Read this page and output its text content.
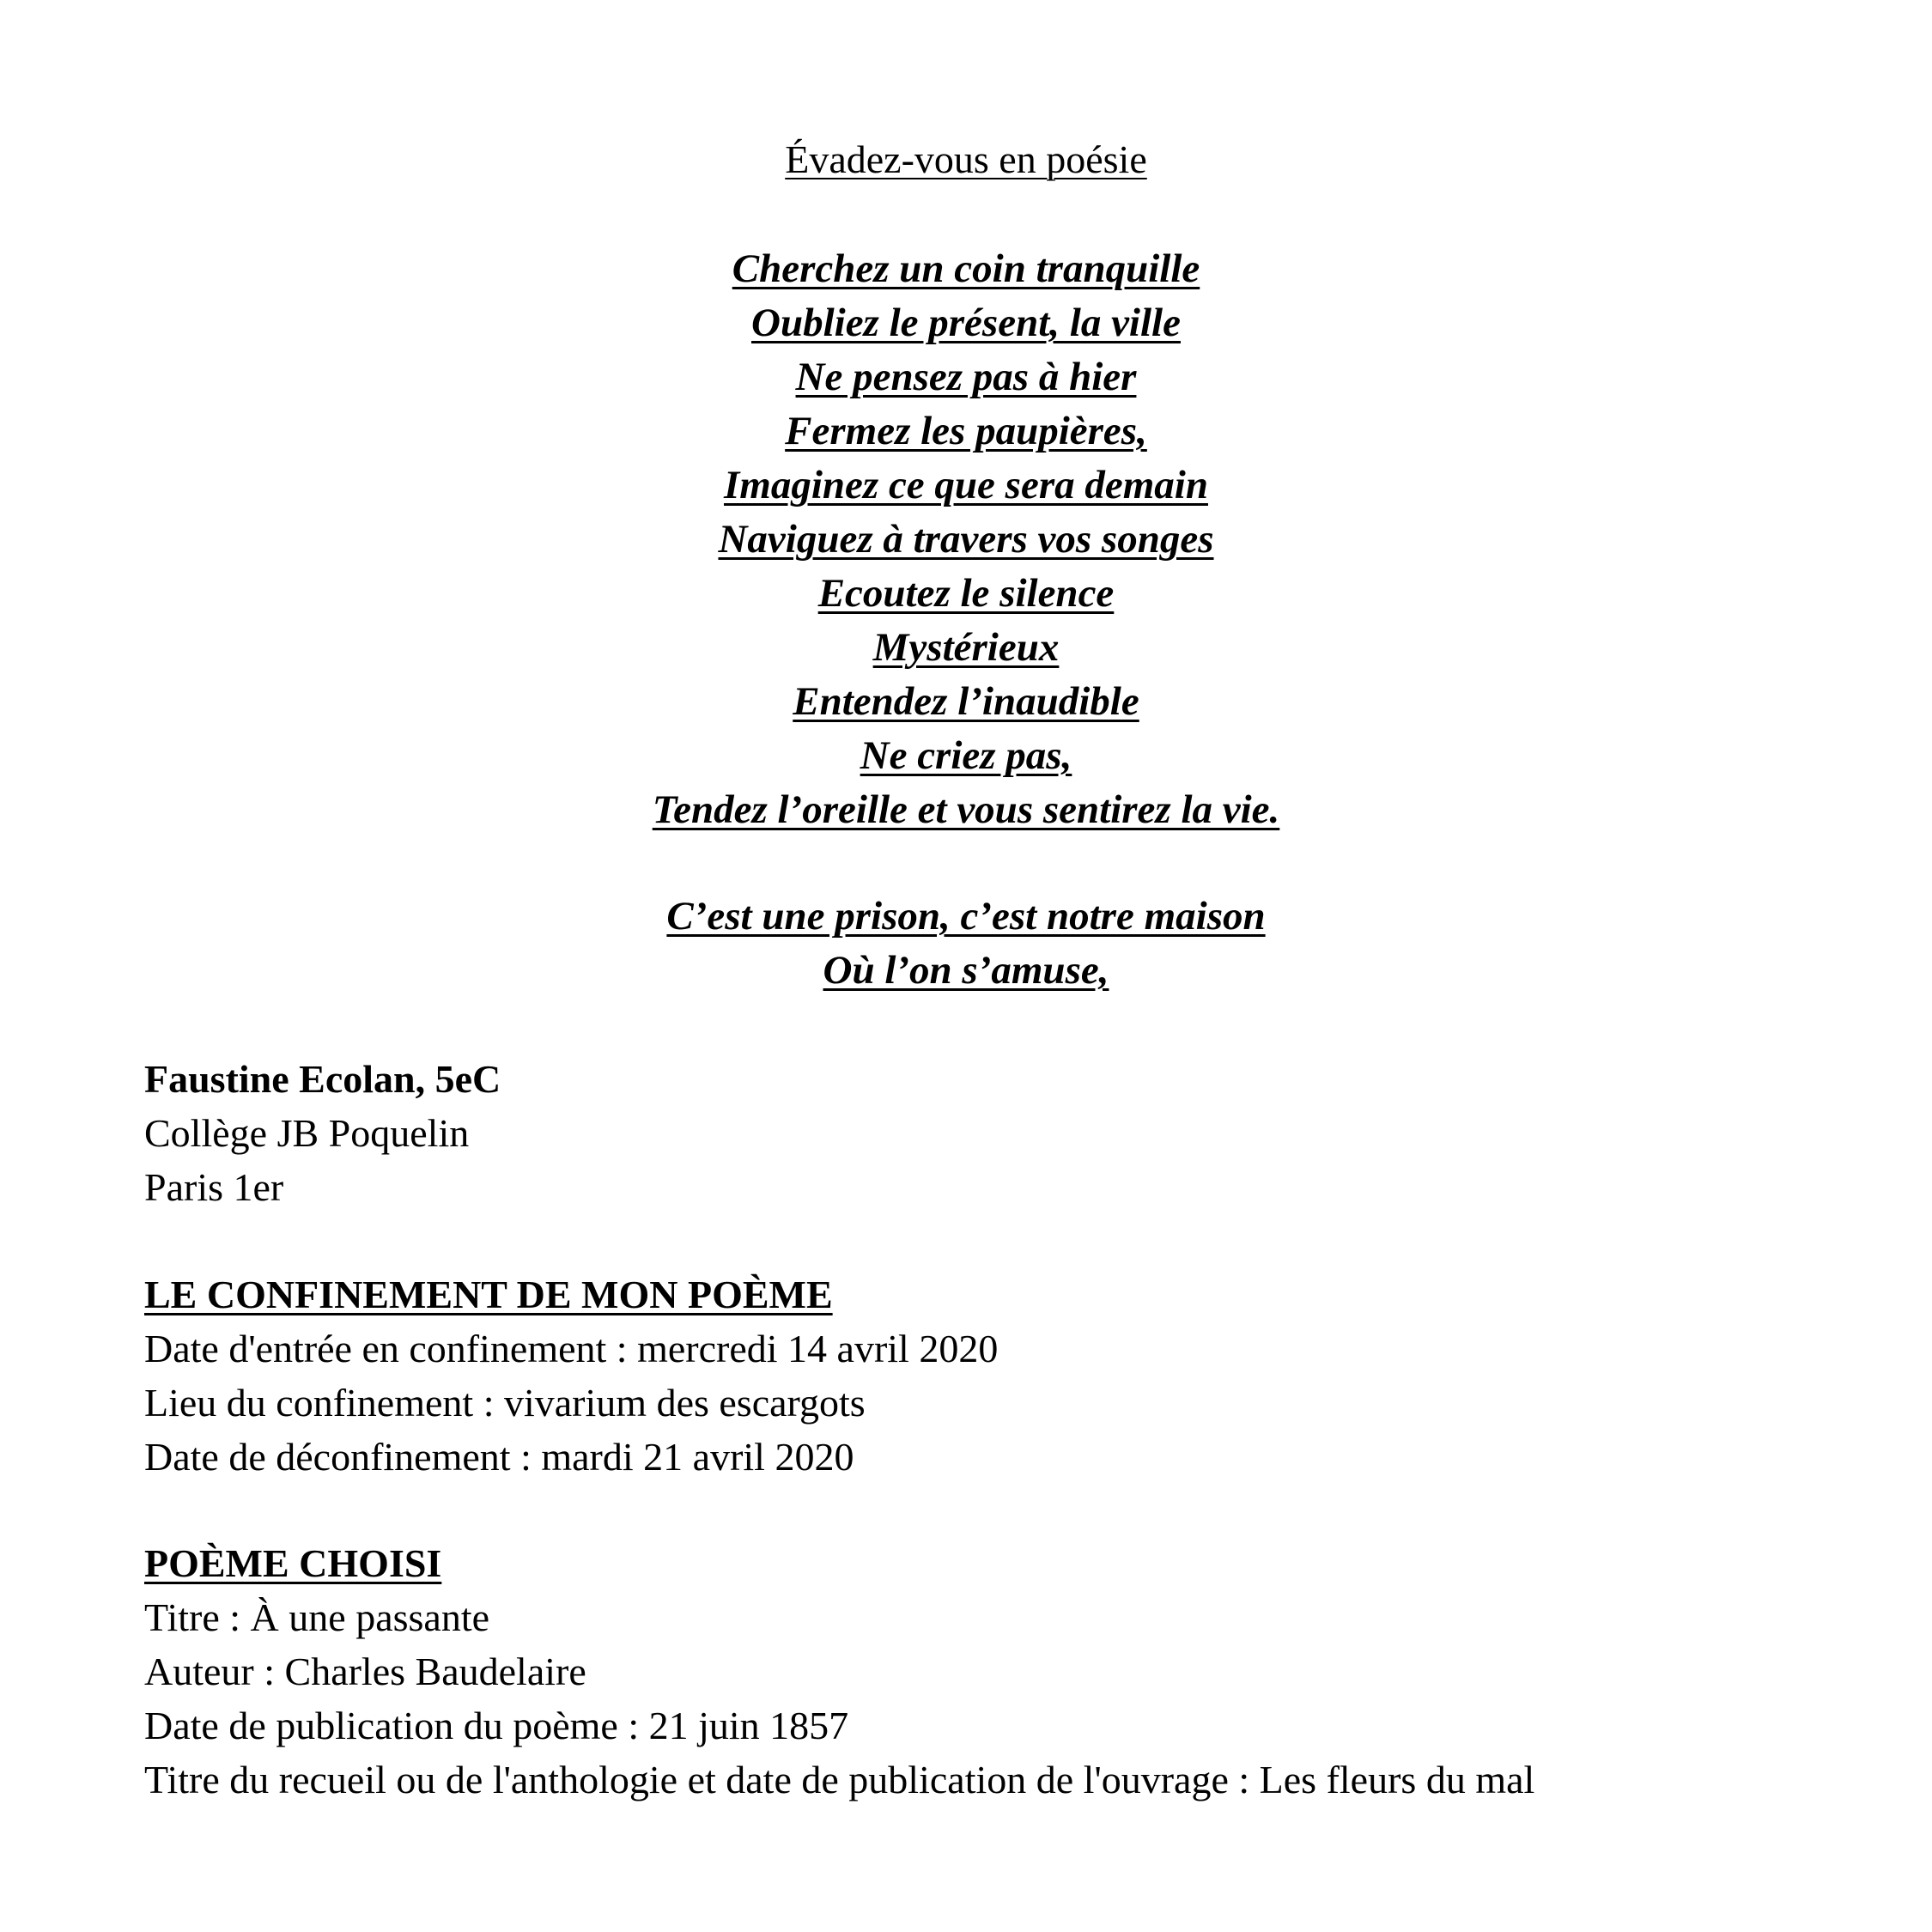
Évadez-vous en poésie
Cherchez un coin tranquille
Oubliez le présent, la ville
Ne pensez pas à hier
Fermez les paupières,
Imaginez ce que sera demain
Naviguez à travers vos songes
Ecoutez le silence
Mystérieux
Entendez l’inaudible
Ne criez pas,
Tendez l’oreille et vous sentirez la vie.
C’est une prison, c’est notre maison
Où l’on s’amuse,
Faustine Ecolan, 5eC
Collège JB Poquelin
Paris 1er
LE CONFINEMENT DE MON POÈME
Date d'entrée en confinement : mercredi 14 avril 2020
Lieu du confinement : vivarium des escargots
Date de déconfinement : mardi 21 avril 2020
POÈME CHOISI
Titre : À une passante
Auteur : Charles Baudelaire
Date de publication du poème : 21 juin 1857
Titre du recueil ou de l'anthologie et date de publication de l'ouvrage : Les fleurs du mal
